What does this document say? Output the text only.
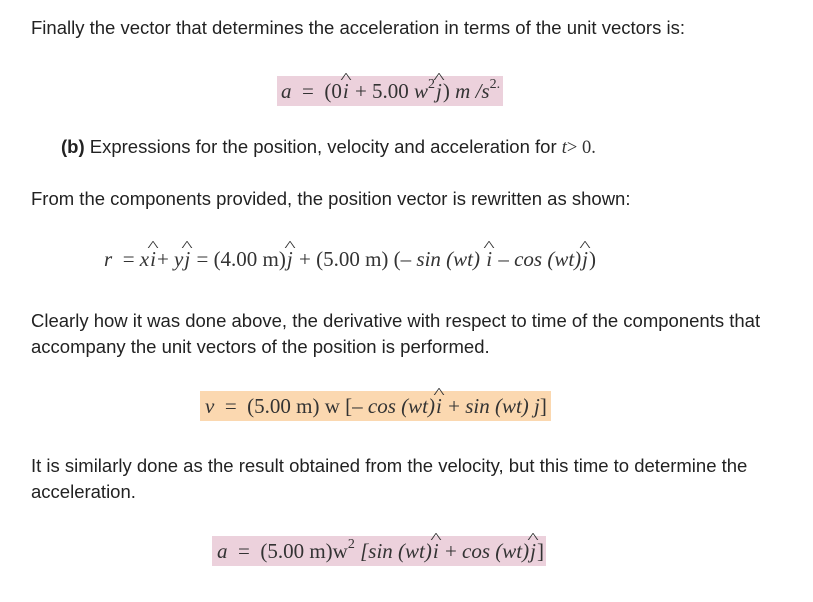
Finally the vector that determines the acceleration in terms of the unit vectors is:

a = (0i ^ + 5.00 $w^2j$ ^) m $/s^{2.}$

(b) Expressions for the position, velocity and acceleration for t> 0.

From the components provided, the position vector is rewritten as shown:

r = xi ^+ yj ^ = (4.00 m)j ^ + (5.00 m) (– sin (wt) i ^ – cos (wt)j ^)

Clearly how it was done above, the derivative with respect to time of the components that accompany the unit vectors of the position is performed.

v = (5.00 m) w [– cos (wt)i ^ + sin (wt) j]

It is similarly done as the result obtained from the velocity, but this time to determine the acceleration.

a = (5.00 $m)w^2$ [sin (wt)i ^ + cos (wt)j ^]
